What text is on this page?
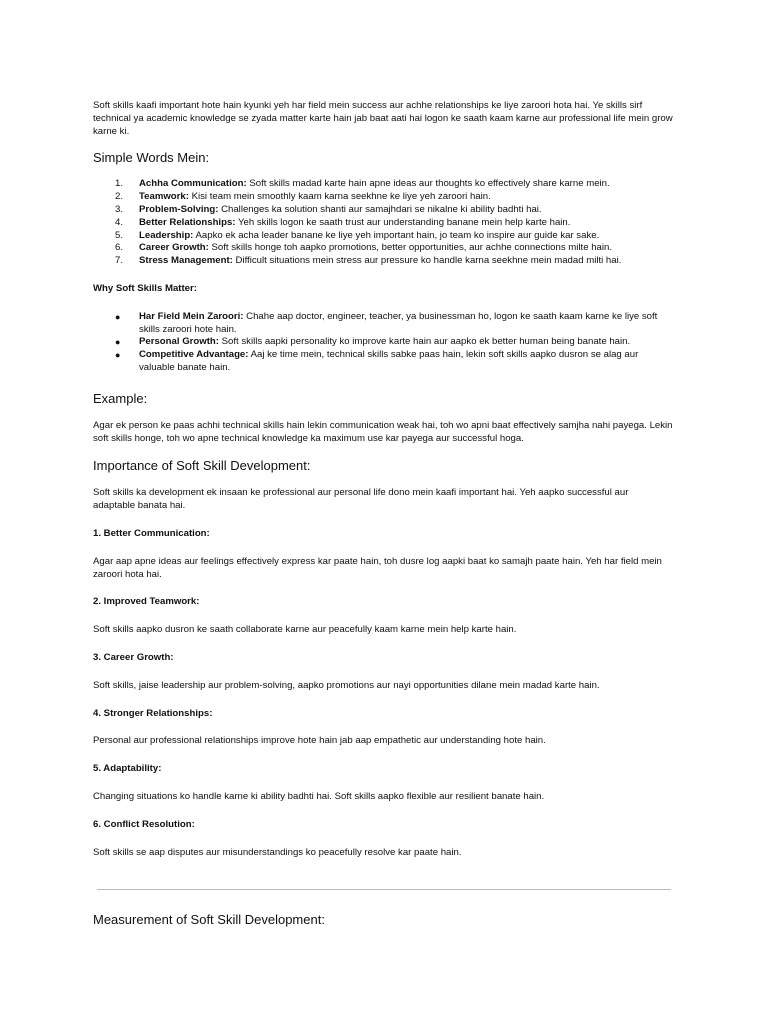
Soft skills kaafi important hote hain kyunki yeh har field mein success aur achhe relationships ke liye zaroori hota hai. Ye skills sirf technical ya academic knowledge se zyada matter karte hain jab baat aati hai logon ke saath kaam karne aur professional life mein grow karne ki.

Simple Words Mein:
1. Achha Communication: Soft skills madad karte hain apne ideas aur thoughts ko effectively share karne mein.
2. Teamwork: Kisi team mein smoothly kaam karna seekhne ke liye yeh zaroori hain.
3. Problem-Solving: Challenges ka solution shanti aur samajhdari se nikalne ki ability badhti hai.
4. Better Relationships: Yeh skills logon ke saath trust aur understanding banane mein help karte hain.
5. Leadership: Aapko ek acha leader banane ke liye yeh important hain, jo team ko inspire aur guide kar sake.
6. Career Growth: Soft skills honge toh aapko promotions, better opportunities, aur achhe connections milte hain.
7. Stress Management: Difficult situations mein stress aur pressure ko handle karna seekhne mein madad milti hai.
Why Soft Skills Matter:
● Har Field Mein Zaroori: Chahe aap doctor, engineer, teacher, ya businessman ho, logon ke saath kaam karne ke liye soft skills zaroori hote hain.
● Personal Growth: Soft skills aapki personality ko improve karte hain aur aapko ek better human being banate hain.
● Competitive Advantage: Aaj ke time mein, technical skills sabke paas hain, lekin soft skills aapko dusron se alag aur valuable banate hain.
Example:

Agar ek person ke paas achhi technical skills hain lekin communication weak hai, toh wo apni baat effectively samjha nahi payega. Lekin soft skills honge, toh wo apne technical knowledge ka maximum use kar payega aur successful hoga.

Importance of Soft Skill Development:

Soft skills ka development ek insaan ke professional aur personal life dono mein kaafi important hai. Yeh aapko successful aur adaptable banata hai.

1. Better Communication:

Agar aap apne ideas aur feelings effectively express kar paate hain, toh dusre log aapki baat ko samajh paate hain. Yeh har field mein zaroori hota hai.

2. Improved Teamwork:

Soft skills aapko dusron ke saath collaborate karne aur peacefully kaam karne mein help karte hain.

3. Career Growth:

Soft skills, jaise leadership aur problem-solving, aapko promotions aur nayi opportunities dilane mein madad karte hain.

4. Stronger Relationships:

Personal aur professional relationships improve hote hain jab aap empathetic aur understanding hote hain.

5. Adaptability:

Changing situations ko handle karne ki ability badhti hai. Soft skills aapko flexible aur resilient banate hain.

6. Conflict Resolution:

Soft skills se aap disputes aur misunderstandings ko peacefully resolve kar paate hain.

Measurement of Soft Skill Development:
